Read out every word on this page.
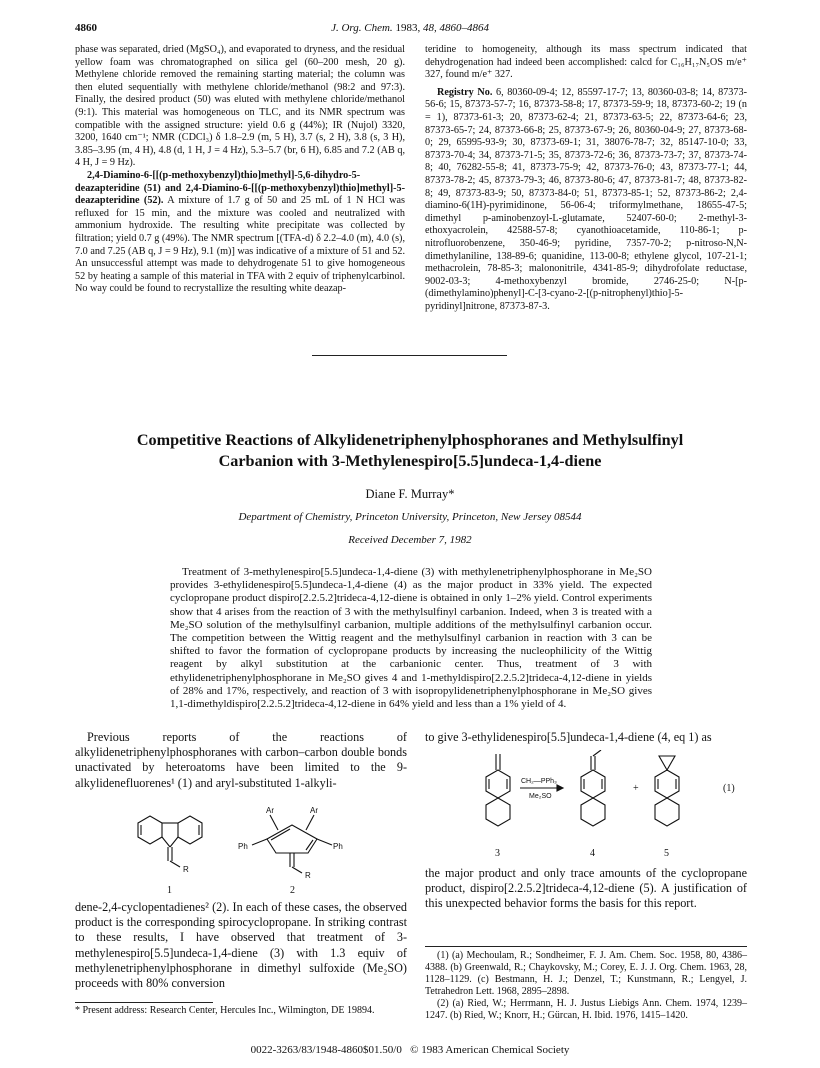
4860	J. Org. Chem. 1983, 48, 4860–4864

phase was separated, dried (MgSO₄), and evaporated to dryness, and the residual yellow foam was chromatographed on silica gel (60–200 mesh, 20 g). Methylene chloride removed the remaining starting material; the column was then eluted sequentially with methylene chloride/methanol (98:2 and 97:3). Finally, the desired product (50) was eluted with methylene chloride/methanol (9:1). This material was homogeneous on TLC, and its NMR spectrum was compatible with the assigned structure: yield 0.6 g (44%); IR (Nujol) 3320, 3200, 1640 cm⁻¹; NMR (CDCl₃) δ 1.8–2.9 (m, 5 H), 3.7 (s, 2 H), 3.8 (s, 3 H), 3.85–3.95 (m, 4 H), 4.8 (d, 1 H, J = 4 Hz), 5.3–5.7 (br, 6 H), 6.85 and 7.2 (AB q, 4 H, J = 9 Hz).

2,4-Diamino-6-[[(p-methoxybenzyl)thio]methyl]-5,6-dihydro-5-deazapteridine (51) and 2,4-Diamino-6-[[(p-methoxybenzyl)thio]methyl]-5-deazapteridine (52). A mixture of 1.7 g of 50 and 25 mL of 1 N HCl was refluxed for 15 min, and the mixture was cooled and neutralized with ammonium hydroxide. The resulting white precipitate was collected by filtration; yield 0.7 g (49%). The NMR spectrum [(TFA-d) δ 2.2–4.0 (m), 4.0 (s), 7.0 and 7.25 (AB q, J = 9 Hz), 9.1 (m)] was indicative of a mixture of 51 and 52. An unsuccessful attempt was made to dehydrogenate 51 to give homogeneous 52 by heating a sample of this material in TFA with 2 equiv of triphenylcarbinol. No way could be found to recrystallize the resulting white deazap-

teridine to homogeneity, although its mass spectrum indicated that dehydrogenation had indeed been accomplished: calcd for C₁₆H₁₇N₅OS m/e⁺ 327, found m/e⁺ 327.

Registry No. 6, 80360-09-4; 12, 85597-17-7; 13, 80360-03-8; 14, 87373-56-6; 15, 87373-57-7; 16, 87373-58-8; 17, 87373-59-9; 18, 87373-60-2; 19 (n = 1), 87373-61-3; 20, 87373-62-4; 21, 87373-63-5; 22, 87373-64-6; 23, 87373-65-7; 24, 87373-66-8; 25, 87373-67-9; 26, 80360-04-9; 27, 87373-68-0; 29, 65995-93-9; 30, 87373-69-1; 31, 38076-78-7; 32, 85147-10-0; 33, 87373-70-4; 34, 87373-71-5; 35, 87373-72-6; 36, 87373-73-7; 37, 87373-74-8; 40, 76282-55-8; 41, 87373-75-9; 42, 87373-76-0; 43, 87373-77-1; 44, 87373-78-2; 45, 87373-79-3; 46, 87373-80-6; 47, 87373-81-7; 48, 87373-82-8; 49, 87373-83-9; 50, 87373-84-0; 51, 87373-85-1; 52, 87373-86-2; 2,4-diamino-6(1H)-pyrimidinone, 56-06-4; triformylmethane, 18655-47-5; dimethyl p-aminobenzoyl-L-glutamate, 52407-60-0; 2-methyl-3-ethoxyacrolein, 42588-57-8; cyanothioacetamide, 110-86-1; p-nitrofluorobenzene, 350-46-9; pyridine, 7357-70-2; p-nitroso-N,N-dimethylaniline, 138-89-6; quanidine, 113-00-8; ethylene glycol, 107-21-1; methacrolein, 78-85-3; malononitrile, 4341-85-9; dihydrofolate reductase, 9002-03-3; 4-methoxybenzyl bromide, 2746-25-0; N-[p-(dimethylamino)phenyl]-C-[3-cyano-2-[(p-nitrophenyl)thio]-5-pyridinyl]nitrone, 87373-87-3.

Competitive Reactions of Alkylidenetriphenylphosphoranes and Methylsulfinyl Carbanion with 3-Methylenespiro[5.5]undeca-1,4-diene
Diane F. Murray*
Department of Chemistry, Princeton University, Princeton, New Jersey 08544
Received December 7, 1982

Treatment of 3-methylenespiro[5.5]undeca-1,4-diene (3) with methylenetriphenylphosphorane in Me₂SO provides 3-ethylidenespiro[5.5]undeca-1,4-diene (4) as the major product in 33% yield. The expected cyclopropane product dispiro[2.2.5.2]trideca-4,12-diene is obtained in only 1–2% yield. Control experiments show that 4 arises from the reaction of 3 with the methylsulfinyl carbanion. Indeed, when 3 is treated with a Me₂SO solution of the methylsulfinyl carbanion, multiple additions of the methylsulfinyl carbanion occur. The competition between the Wittig reagent and the methylsulfinyl carbanion in reaction with 3 can be shifted to favor the formation of cyclopropane products by increasing the nucleophilicity of the Wittig reagent by alkyl substitution at the carbanionic center. Thus, treatment of 3 with ethylidenetriphenylphosphorane in Me₂SO gives 4 and 1-methyldispiro[2.2.5.2]trideca-4,12-diene in yields of 28% and 17%, respectively, and reaction of 3 with isopropylidenetriphenylphosphorane in Me₂SO gives 1,1-dimethyldispiro[2.2.5.2]trideca-4,12-diene in 64% yield and less than a 1% yield of 4.

Previous reports of the reactions of alkylidenetriphenylphosphoranes with carbon–carbon double bonds unactivated by heteroatoms have been limited to the 9-alkylidenefluorenes¹ (1) and aryl-substituted 1-alkyli-

R
Ar	Ar
Ph	Ph
R
1	2

dene-2,4-cyclopentadienes² (2). In each of these cases, the observed product is the corresponding spirocyclopropane. In striking contrast to these results, I have observed that treatment of 3-methylenespiro[5.5]undeca-1,4-diene (3) with 1.3 equiv of methylenetriphenylphosphorane in dimethyl sulfoxide (Me₂SO) proceeds with 80% conversion

* Present address: Research Center, Hercules Inc., Wilmington, DE 19894.

to give 3-ethylidenespiro[5.5]undeca-1,4-diene (4, eq 1) as

CH₂—PPh₃
Me₂SO
+	(1)
3	4	5

the major product and only trace amounts of the cyclopropane product, dispiro[2.2.5.2]trideca-4,12-diene (5). A justification of this unexpected behavior forms the basis for this report.

(1) (a) Mechoulam, R.; Sondheimer, F. J. Am. Chem. Soc. 1958, 80, 4386–4388. (b) Greenwald, R.; Chaykovsky, M.; Corey, E. J. J. Org. Chem. 1963, 28, 1128–1129. (c) Bestmann, H. J.; Denzel, T.; Kunstmann, R.; Lengyel, J. Tetrahedron Lett. 1968, 2895–2898.

(2) (a) Ried, W.; Herrmann, H. J. Justus Liebigs Ann. Chem. 1974, 1239–1247. (b) Ried, W.; Knorr, H.; Gürcan, H. Ibid. 1976, 1415–1420.

0022-3263/83/1948-4860$01.50/0 © 1983 American Chemical Society
